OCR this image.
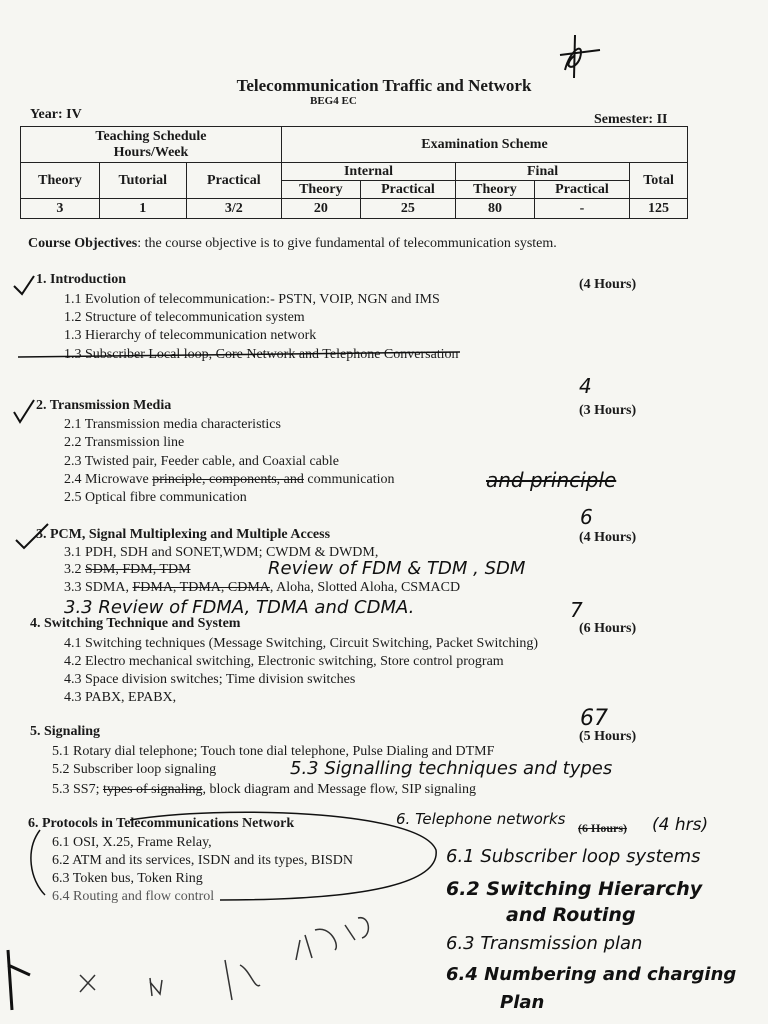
Telecommunication Traffic and Network
BEG4 EC
Year: IV	Semester: II
Teaching Schedule
Hours/Week			Examination Scheme				
Theory	Tutorial	Practical	Internal		Final		Total
			Theory	Practical	Theory	Practical	
3	1	3/2	20	25	80	-	125
Course Objectives: the course objective is to give fundamental of telecommunication system.
1. Introduction	(4 Hours)
1.1 Evolution of telecommunication:- PSTN, VOIP, NGN and IMS
1.2 Structure of telecommunication system
1.3 Hierarchy of telecommunication network
1.3 Subscriber Local loop, Core Network and Telephone Conversation
4
2. Transmission Media	(3 Hours)
2.1 Transmission media characteristics
2.2 Transmission line
2.3 Twisted pair, Feeder cable, and Coaxial cable
2.4 Microwave principle, components, and communication	and principle
2.5 Optical fibre communication
6
3. PCM, Signal Multiplexing and Multiple Access	(4 Hours)
3.1 PDH, SDH and SONET,WDM; CWDM & DWDM,
3.2 SDM, FDM, TDM	Review of FDM & TDM , SDM
3.3 SDMA, FDMA, TDMA, CDMA, Aloha, Slotted Aloha, CSMACD
3.3 Review of FDMA, TDMA and CDMA.	7
4. Switching Technique and System	(6 Hours)
4.1 Switching techniques (Message Switching, Circuit Switching, Packet Switching)
4.2 Electro mechanical switching, Electronic switching, Store control program
4.3 Space division switches; Time division switches
4.3 PABX, EPABX,
67
5. Signaling	(5 Hours)
5.1 Rotary dial telephone; Touch tone dial telephone, Pulse Dialing and DTMF
5.2 Subscriber loop signaling	5.3 Signalling techniques and types
5.3 SS7; types of signaling, block diagram and Message flow, SIP signaling
6. Protocols in Telecommunications Network	6. Telephone networks (6 Hours) (4 hrs)
6.1 OSI, X.25, Frame Relay,
6.2 ATM and its services, ISDN and its types, BISDN
6.3 Token bus, Token Ring
6.4 Routing and flow control
6.1 Subscriber loop systems
6.2 Switching Hierarchy
and Routing
6.3 Transmission plan
6.4 Numbering and charging
Plan
